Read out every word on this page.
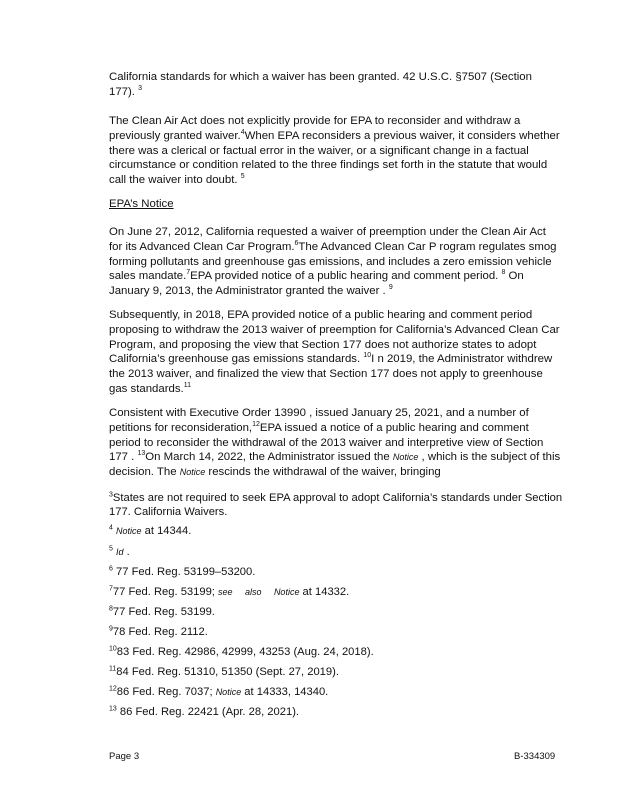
California standards for which a waiver has been granted. 42 U.S.C. §7507 (Section 177). $^3$

The Clean Air Act does not explicitly provide for EPA to reconsider and withdraw a previously granted waiver.$^4$When EPA reconsiders a previous waiver, it considers whether there was a clerical or factual error in the waiver, or a significant change in a factual circumstance or condition related to the three findings set forth in the statute that would call the waiver into doubt. $^5$

EPA’s Notice

On June 27, 2012, California requested a waiver of preemption under the Clean Air Act for its Advanced Clean Car Program.$^6$The Advanced Clean Car P rogram regulates smog forming pollutants and greenhouse gas emissions, and includes a zero emission vehicle sales mandate.$^7$EPA provided notice of a public hearing and comment period. $^8$ On January 9, 2013, the Administrator granted the waiver . $^9$

Subsequently, in 2018, EPA provided notice of a public hearing and comment period proposing to withdraw the 2013 waiver of preemption for California’s Advanced Clean Car Program, and proposing the view that Section 177 does not authorize states to adopt California’s greenhouse gas emissions standards. $^{10}$I n 2019, the Administrator withdrew the 2013 waiver, and finalized the view that Section 177 does not apply to greenhouse gas standards.$^{11}$

Consistent with Executive Order 13990 , issued January 25, 2021, and a number of petitions for reconsideration,$^{12}$EPA issued a notice of a public hearing and comment period to reconsider the withdrawal of the 2013 waiver and interpretive view of Section 177 . $^{13}$On March 14, 2022, the Administrator issued the Notice , which is the subject of this decision. The Notice rescinds the withdrawal of the waiver, bringing

$^3$States are not required to seek EPA approval to adopt California’s standards under Section 177. California Waivers.

$^4$ Notice at 14344.

$^5$ Id .

$^6$ 77 Fed. Reg. 53199–53200.

$^7$77 Fed. Reg. 53199; see also Notice at 14332.

$^8$77 Fed. Reg. 53199.

$^9$78 Fed. Reg. 2112.

$^{10}$83 Fed. Reg. 42986, 42999, 43253 (Aug. 24, 2018).

$^{11}$84 Fed. Reg. 51310, 51350 (Sept. 27, 2019).

$^{12}$86 Fed. Reg. 7037; Notice at 14333, 14340.

$^{13}$ 86 Fed. Reg. 22421 (Apr. 28, 2021).

Page 3	B-334309
